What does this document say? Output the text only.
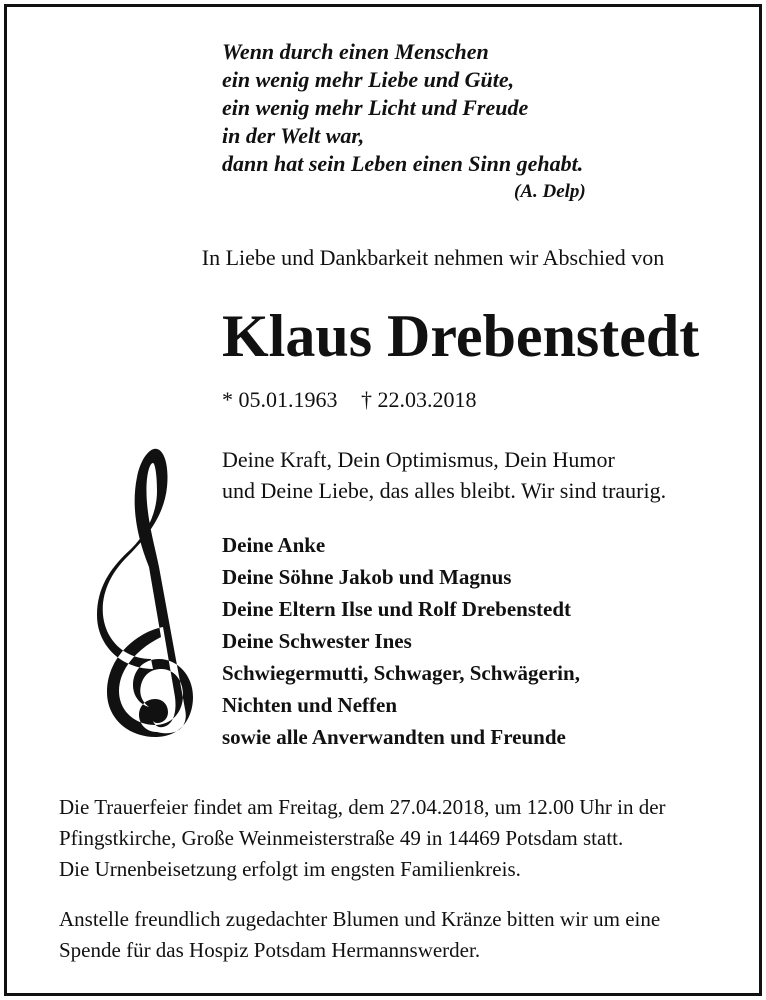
Wenn durch einen Menschen
ein wenig mehr Liebe und Güte,
ein wenig mehr Licht und Freude
in der Welt war,
dann hat sein Leben einen Sinn gehabt.
(A. Delp)
In Liebe und Dankbarkeit nehmen wir Abschied von
Klaus Drebenstedt
* 05.01.1963 † 22.03.2018
Deine Kraft, Dein Optimismus, Dein Humor
und Deine Liebe, das alles bleibt. Wir sind traurig.
Deine Anke
Deine Söhne Jakob und Magnus
Deine Eltern Ilse und Rolf Drebenstedt
Deine Schwester Ines
Schwiegermutti, Schwager, Schwägerin,
Nichten und Neffen
sowie alle Anverwandten und Freunde
Die Trauerfeier findet am Freitag, dem 27.04.2018, um 12.00 Uhr in der
Pfingstkirche, Große Weinmeisterstraße 49 in 14469 Potsdam statt.
Die Urnenbeisetzung erfolgt im engsten Familienkreis.
Anstelle freundlich zugedachter Blumen und Kränze bitten wir um eine
Spende für das Hospiz Potsdam Hermannswerder.
